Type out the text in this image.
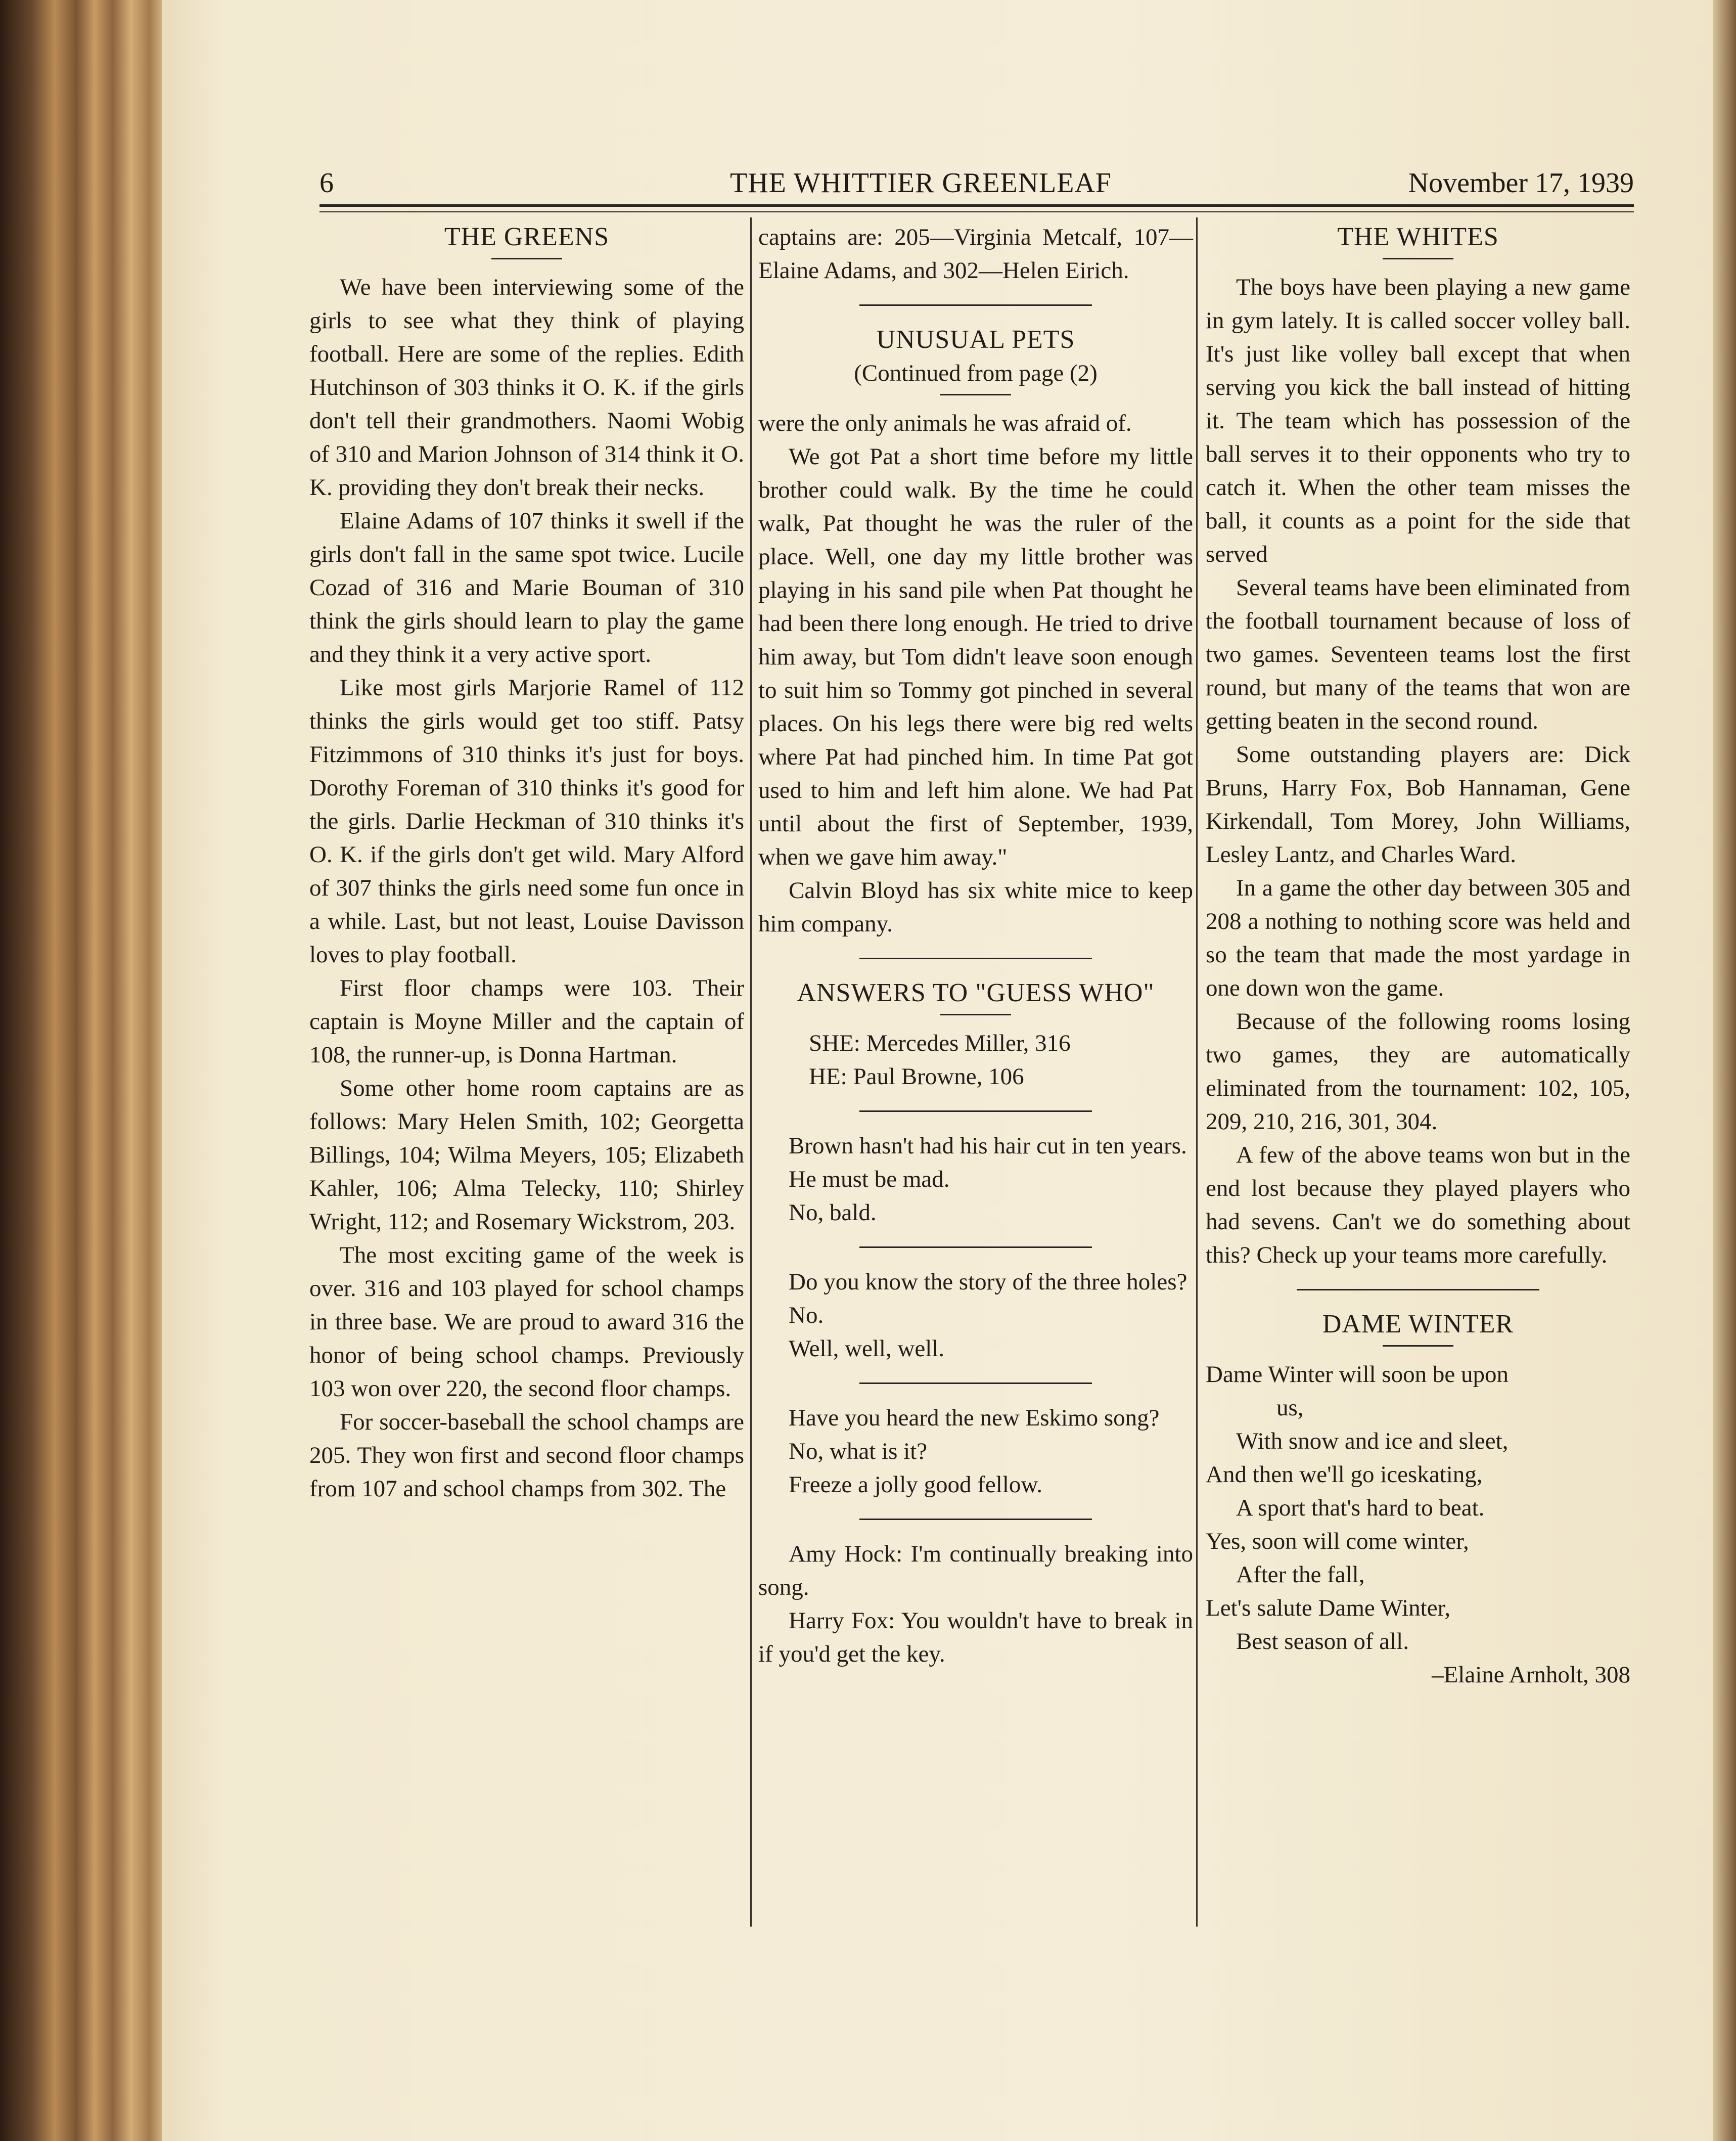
6	THE WHITTIER GREENLEAF	November 17, 1939

THE GREENS

We have been interviewing some of the girls to see what they think of playing football. Here are some of the replies. Edith Hutchinson of 303 thinks it O. K. if the girls don't tell their grandmothers. Naomi Wobig of 310 and Marion Johnson of 314 think it O. K. providing they don't break their necks.

Elaine Adams of 107 thinks it swell if the girls don't fall in the same spot twice. Lucile Cozad of 316 and Marie Bouman of 310 think the girls should learn to play the game and they think it a very active sport.

Like most girls Marjorie Ramel of 112 thinks the girls would get too stiff. Patsy Fitzimmons of 310 thinks it's just for boys. Dorothy Foreman of 310 thinks it's good for the girls. Darlie Heckman of 310 thinks it's O. K. if the girls don't get wild. Mary Alford of 307 thinks the girls need some fun once in a while. Last, but not least, Louise Davisson loves to play football.

First floor champs were 103. Their captain is Moyne Miller and the captain of 108, the runner-up, is Donna Hartman.

Some other home room captains are as follows: Mary Helen Smith, 102; Georgetta Billings, 104; Wilma Meyers, 105; Elizabeth Kahler, 106; Alma Telecky, 110; Shirley Wright, 112; and Rosemary Wickstrom, 203.

The most exciting game of the week is over. 316 and 103 played for school champs in three base. We are proud to award 316 the honor of being school champs. Previously 103 won over 220, the second floor champs.

For soccer-baseball the school champs are 205. They won first and second floor champs from 107 and school champs from 302. The

captains are: 205—Virginia Metcalf, 107—Elaine Adams, and 302—Helen Eirich.

UNUSUAL PETS

(Continued from page (2)

were the only animals he was afraid of.

We got Pat a short time before my little brother could walk. By the time he could walk, Pat thought he was the ruler of the place. Well, one day my little brother was playing in his sand pile when Pat thought he had been there long enough. He tried to drive him away, but Tom didn't leave soon enough to suit him so Tommy got pinched in several places. On his legs there were big red welts where Pat had pinched him. In time Pat got used to him and left him alone. We had Pat until about the first of September, 1939, when we gave him away."

Calvin Bloyd has six white mice to keep him company.

ANSWERS TO "GUESS WHO"

SHE: Mercedes Miller, 316

HE: Paul Browne, 106

Brown hasn't had his hair cut in ten years.

He must be mad.

No, bald.

Do you know the story of the three holes?

No.

Well, well, well.

Have you heard the new Eskimo song?

No, what is it?

Freeze a jolly good fellow.

Amy Hock: I'm continually breaking into song.

Harry Fox: You wouldn't have to break in if you'd get the key.

THE WHITES

The boys have been playing a new game in gym lately. It is called soccer volley ball. It's just like volley ball except that when serving you kick the ball instead of hitting it. The team which has possession of the ball serves it to their opponents who try to catch it. When the other team misses the ball, it counts as a point for the side that served

Several teams have been eliminated from the football tournament because of loss of two games. Seventeen teams lost the first round, but many of the teams that won are getting beaten in the second round.

Some outstanding players are: Dick Bruns, Harry Fox, Bob Hannaman, Gene Kirkendall, Tom Morey, John Williams, Lesley Lantz, and Charles Ward.

In a game the other day between 305 and 208 a nothing to nothing score was held and so the team that made the most yardage in one down won the game.

Because of the following rooms losing two games, they are automatically eliminated from the tournament: 102, 105, 209, 210, 216, 301, 304.

A few of the above teams won but in the end lost because they played players who had sevens. Can't we do something about this? Check up your teams more carefully.

DAME WINTER

Dame Winter will soon be upon

us,

With snow and ice and sleet,

And then we'll go iceskating,

A sport that's hard to beat.

Yes, soon will come winter,

After the fall,

Let's salute Dame Winter,

Best season of all.

–Elaine Arnholt, 308
